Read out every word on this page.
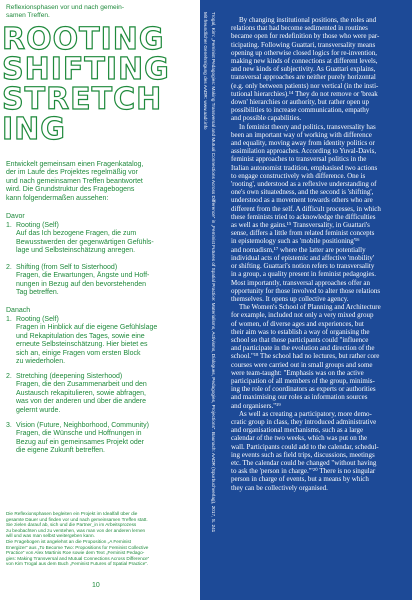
Reflexionsphasen vor und nach gemein-
samen Treffen.
ROOTING
SHIFTING
STRETCH
ING
Entwickelt gemeinsam einen Fragenkatalog,
der im Laufe des Projektes regelmäßig vor
und nach gemeinsamen Treffen beantwortet
wird. Die Grundstruktur des Fragebogens
kann folgendermaßen aussehen:
Davor
1. Rooting (Self)
Auf das Ich bezogene Fragen, die zum
Bewusstwerden der gegenwärtigen Gefühls-
lage und Selbsteinschätzung anregen.
2. Shifting (from Self to Sisterhood)
Fragen, die Erwartungen, Ängste und Hoff-
nungen in Bezug auf den bevorstehenden
Tag betreffen.
Danach
1. Rooting (Self)
Fragen in Hinblick auf die eigene Gefühlslage
und Rekapitulation des Tages, sowie eine
erneute Selbsteinschätzung. Hier bietet es
sich an, einige Fragen vom ersten Block
zu wiederholen.
2. Stretching (deepening Sisterhood)
Fragen, die den Zusammenarbeit und den
Austausch rekapitulieren, sowie abfragen,
was von der anderen und über die andere
gelernt wurde.
3. Vision (Future, Neighborhood, Community)
Fragen, die Wünsche und Hoffnungen in
Bezug auf ein gemeinsames Projekt oder
die eigene Zukunft betreffen.
Die Reflexionsphasen begleiten ein Projekt im Idealfall über die
gesamte Dauer und finden vor und nach gemeinsamen Treffen statt.
Sie zielen darauf ab, sich und die Partner_in im Arbeitsprozess
zu beobachten und zu verstehen, was man von der anderen lernen
will und was man selbst weitergeben kann.
Die Fragebogen ist angelehnt an die Proposition „A Feminist
Energizer“ aus „To Become Two: Propositions for Feminist Collective
Practice“ von Alex Martinis Roe sowie dem Text „Feminist Pedago-
gies: Making Transversal and Mutual Connections Across Difference“
von Kim Trogal aus dem Buch „Feminist Futures of Spatial Practice“.
10
Mit freundlicher Genehmigung des AADR: www.aadr.info Trogal, Kim: „Feminist Pedagogies: Making Transversal and Mutual Connections Across Difference“ in „Feminist Futures of Spatial Practice: Materialisms, Activisms, Dialogues, Pedagogies, Projections“. Baunach: AADR (Spurbuchverlag), 2017, S. 241	By changing institutional positions, the roles and
relations that had become sedimented in routines
became open for redefinition by those who were par-
ticipating. Following Guattari, transversality means
opening up otherwise closed logics for re-invention,
making new kinds of connections at different levels,
and new kinds of subjectivity. As Guattari explains,
transversal approaches are neither purely horizontal
(e.g. only between patients) nor vertical (in the insti-
tutional hierarchies).¹⁴ They do not remove or 'break
down' hierarchies or authority, but rather open up
possibilities to increase communication, empathy
and possible capabilities.
In feminist theory and politics, transversality has
been an important way of working with difference
and equality, moving away from identity politics or
assimilation approaches. According to Yuval-Davis,
feminist approaches to transversal politics in the
Italian autonomist tradition, emphasised two actions
to engage constructively with difference. One is
'rooting', understood as a reflexive understanding of
one's own situatedness, and the second is 'shifting',
understood as a movement towards others who are
different from the self. A difficult processes, in which
these feminists tried to acknowledge the difficulties
as well as the gains.¹⁵ Transversality, in Guattari's
sense, differs a little from related feminist concepts
in epistemology such as 'mobile positioning'¹⁶
and nomadism,¹⁷ where the latter are potentially
individual acts of epistemic and affective 'mobility'
or shifting. Guattari's notion refers to transversality
in a group, a quality present in feminist pedagogies.
Most importantly, transversal approaches offer an
opportunity for those involved to alter those relations
themselves. It opens up collective agency.
The Women's School of Planning and Architecture
for example, included not only a very mixed group
of women, of diverse ages and experiences, but
their aim was to establish a way of organising the
school so that those participants could "influence
and participate in the evolution and direction of the
school."¹⁸ The school had no lectures, but rather core
courses were carried out in small groups and some
were team-taught: "Emphasis was on the active
participation of all members of the group, minimis-
ing the role of coordinators as experts or authorities
and maximising our roles as information sources
and organisers."¹⁹
As well as creating a participatory, more demo-
cratic group in class, they introduced administrative
and organisational mechanisms, such as a large
calendar of the two weeks, which was put on the
wall. Participants could add to the calendar, schedul-
ing events such as field trips, discussions, meetings
etc. The calendar could be changed "without having
to ask the 'person in charge.'"²⁰ There is no singular
person in charge of events, but a means by which
they can be collectively organised.
